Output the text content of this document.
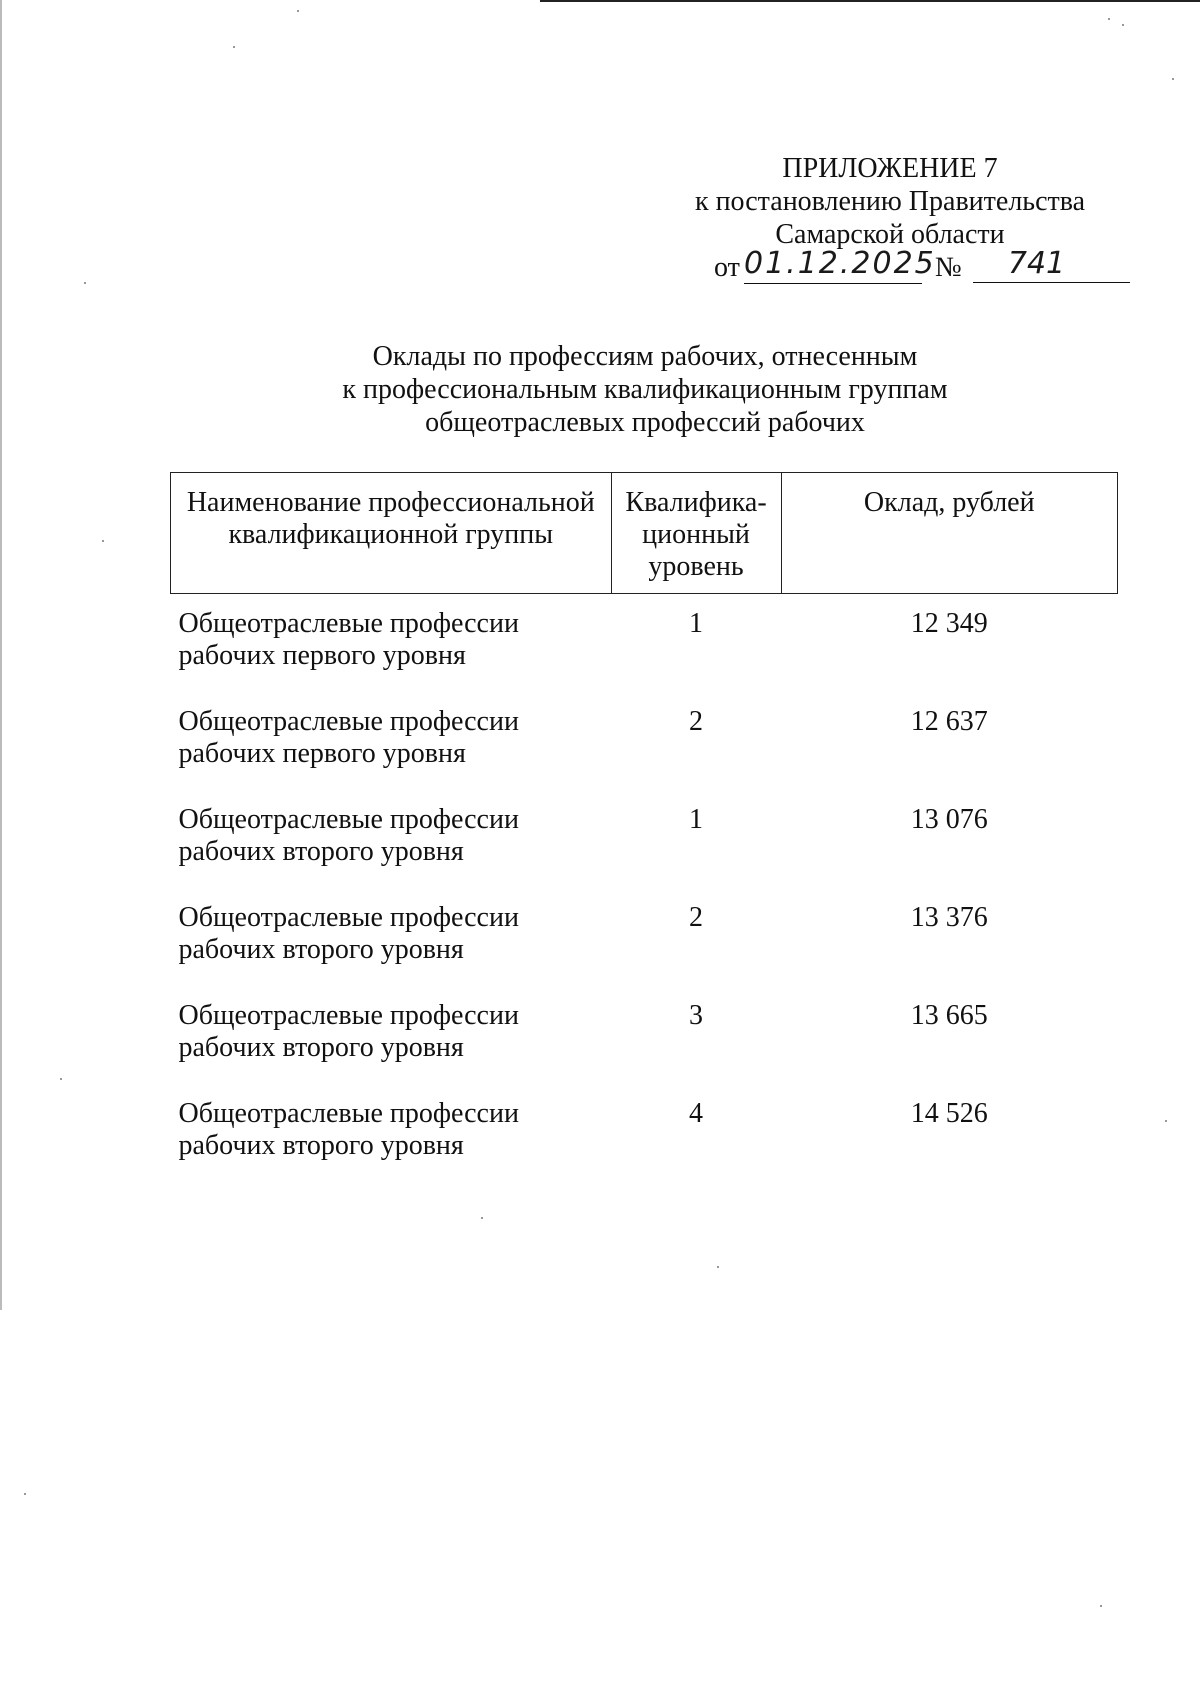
ПРИЛОЖЕНИЕ 7
к постановлению Правительства
Самарской области
от 01.12.2025 №	741
Оклады по профессиям рабочих, отнесенным
к профессиональным квалификационным группам
общеотраслевых профессий рабочих
Наименование профессиональной квалификационной группы	Квалифика-ционный уровень	Оклад, рублей
Общеотраслевые профессии рабочих первого уровня	1	12 349
Общеотраслевые профессии рабочих первого уровня	2	12 637
Общеотраслевые профессии рабочих второго уровня	1	13 076
Общеотраслевые профессии рабочих второго уровня	2	13 376
Общеотраслевые профессии рабочих второго уровня	3	13 665
Общеотраслевые профессии рабочих второго уровня	4	14 526
